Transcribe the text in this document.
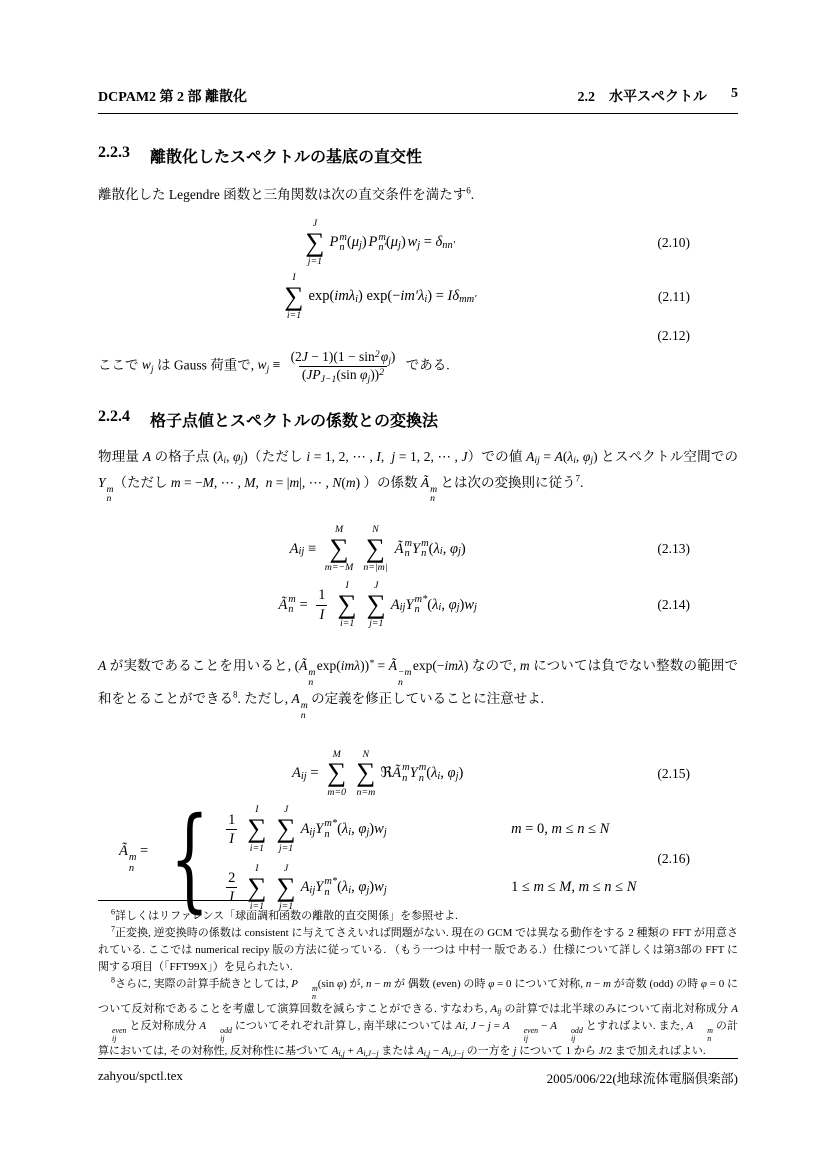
DCPAM2 第 2 部 離散化	2.2　水平スペクトル 5
2.2.3 離散化したスペクトルの基底の直交性

離散化した Legendre 函数と三角関数は次の直交条件を満たす$^6$.

J
∑
j=1
P m
n ( μ j ) P m
n′ ( μ j ) w j = δ nn′	(2.10)
I
∑
i=1
exp( im λ i ) exp(− im′ λ i ) = I δ mm′	(2.11)
(2.12)

ここで $w_j$ は Gauss 荷重で, $w_j \equiv \frac{(2J - 1)(1 - \sin^2\varphi_j)}{(JP_{J-1}(\sin \varphi_j))^2}$ である.

2.2.4 格子点値とスペクトルの係数との変換法

物理量 A の格子点 ($\lambda_i$, $\varphi_j$)（ただし i = 1, 2, ⋯ , I,  j = 1, 2, ⋯ , J）での値 $A_{ij} = A(\lambda_i$, $\varphi_j$) とスペクトル空間での Y m
n
（ただし m = −M, ⋯ , M,  n = |m|, ⋯ , N(m) ）の係数 Ã m
n
とは次の変換則に従う$^7$.

A ij ≡
M
∑
m=−M
N
∑
n=|m|
Ã m
n Y m
n ( λ i , φ j )	(2.13)
Ã m
$n = \frac{1}{I}$
I
∑
i=1
J
∑
j=1
A ij Y m*
n ( λ i , φ j ) w j	(2.14)

A が実数であることを用いると, (Ã m
n
exp(imλ))* = Ã −m
n
exp(−imλ) なので, m については負でない整数の範囲で和をとることができる$^8$. ただし, A m
n
の定義を修正していることに注意せよ.

A ij =
M
∑
m=0
N
∑
n=m
ℜ Ã m
n Y m
n ( λ i , φ j )	(2.15)
Ã m
n
= { $\frac{1}{I}$
I
∑
i=1
J
∑
j=1
A ij Y m*
n ( λ i , φ j ) w j	m = 0, m ≤ n ≤ N
$\frac{2}{I}$
I
∑
i=1
J
∑
j=1
A ij Y m*
n ( λ i , φ j ) w j	1 ≤ m ≤ M, m ≤ n ≤ N
(2.16)

$^6$詳しくはリファレンス「球面調和函数の離散的直交関係」を参照せよ.

$^7$正変換, 逆変換時の係数は consistent に与えてさえいれば問題がない. 現在の GCM では異なる動作をする 2 種類の FFT が用意されている. ここでは numerical recipy 版の方法に従っている. （もう一つは 中村一 版である.）仕様について詳しくは第3部の FFT に関する項目（「FFT99X」）を見られたい.

$^8$さらに, 実際の計算手続きとしては, P	m
n
(sin φ) が, n − m が 偶数 (even) の時 φ = 0 について対称, n − m が奇数 (odd) の時 φ = 0 について反対称であることを考慮して演算回数を減らすことができる. すなわち, $A_{ij}$ の計算では北半球のみについて南北対称成分 A
even
ij
と反対称成分 A	odd
ij
についてそれぞれ計算し, 南半球については Ai, J − j = A	even
ij
− A	odd
ij
とすればよい. また, A	m
n
の計算においては, その対称性, 反対称性に基づいて $A_{i,j} + A_{i,J-j}$ または $A_{i,j} - A_{i,J-j}$ の一方を j について 1 から J/2 まで加えればよい.

zahyou/spctl.tex	2005/006/22(地球流体電脳倶楽部)
